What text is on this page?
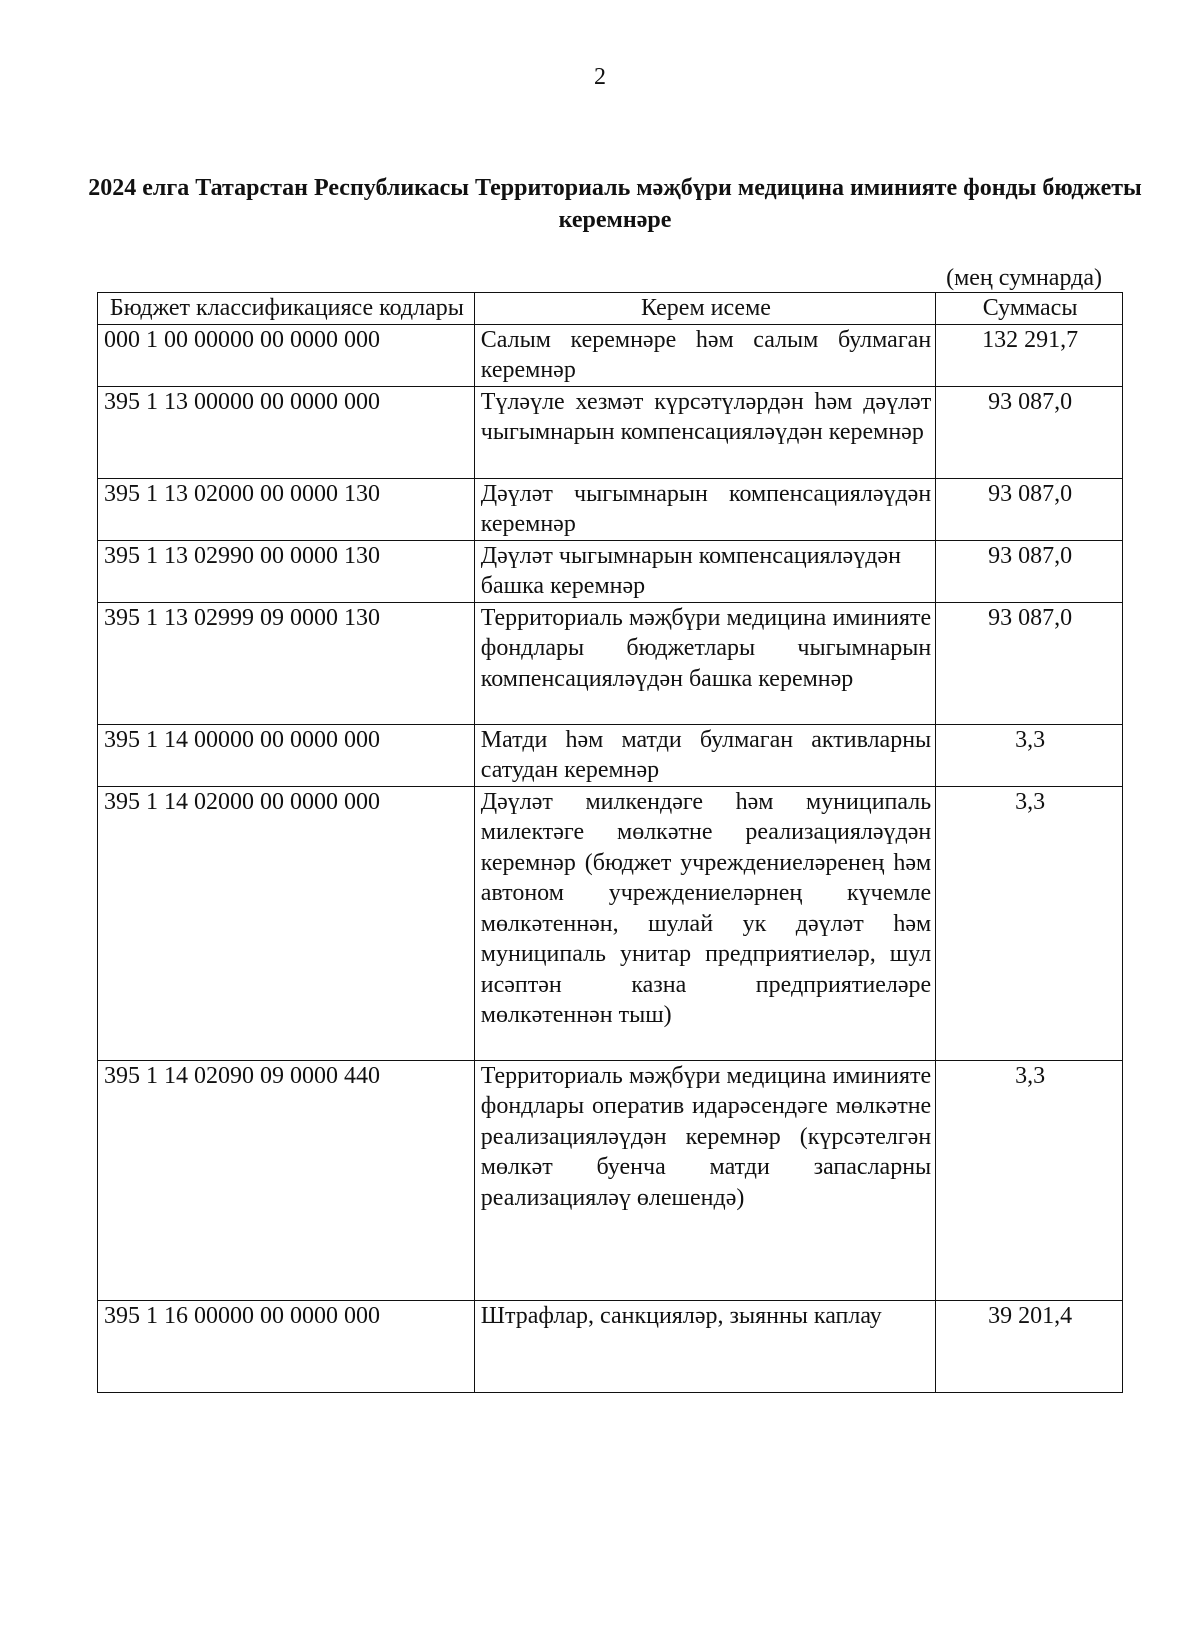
2
2024 елга Татарстан Республикасы Территориаль мәҗбүри медицина иминияте фонды бюджеты керемнәре
(мең сумнарда)
Бюджет классификациясе кодлары	Керем исеме	Суммасы
000 1 00 00000 00 0000 000	Салым керемнәре һәм салым булмаган керемнәр	132 291,7
395 1 13 00000 00 0000 000	Түләүле хезмәт күрсәтүләрдән һәм дәүләт чыгымнарын компенсацияләүдән керемнәр	93 087,0
395 1 13 02000 00 0000 130	Дәүләт чыгымнарын компенсацияләүдән керемнәр	93 087,0
395 1 13 02990 00 0000 130	Дәүләт чыгымнарын компенсацияләүдән башка керемнәр	93 087,0
395 1 13 02999 09 0000 130	Территориаль мәҗбүри медицина иминияте фондлары бюджетлары чыгымнарын компенсацияләүдән башка керемнәр	93 087,0
395 1 14 00000 00 0000 000	Матди һәм матди булмаган активларны сатудан керемнәр	3,3
395 1 14 02000 00 0000 000	Дәүләт милкендәге һәм муниципаль милектәге мөлкәтне реализацияләүдән керемнәр (бюджет учреждениеләренең һәм автоном учреждениеләрнең күчемле мөлкәтеннән, шулай ук дәүләт һәм муниципаль унитар предприятиеләр, шул исәптән казна предприятиеләре мөлкәтеннән тыш)	3,3
395 1 14 02090 09 0000 440	Территориаль мәҗбүри медицина иминияте фондлары оператив идарәсендәге мөлкәтне реализацияләүдән керемнәр (күрсәтелгән мөлкәт буенча матди запасларны реализацияләү өлешендә)	3,3
395 1 16 00000 00 0000 000	Штрафлар, санкцияләр, зыянны каплау	39 201,4
